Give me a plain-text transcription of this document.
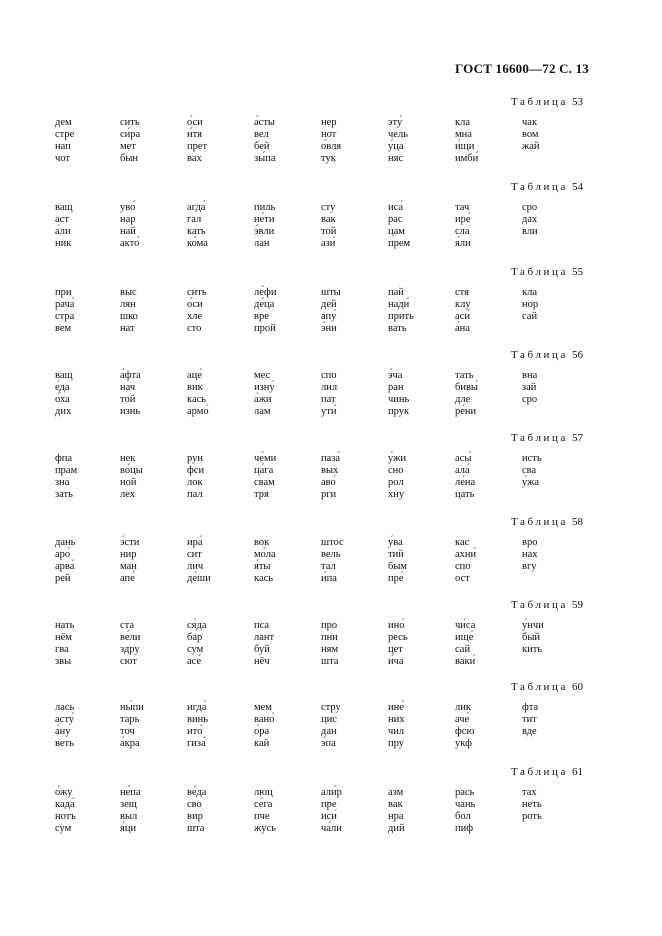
ГОСТ 16600—72 С. 13
Таблица 53
дем
стре
нап
чот
сить
си́ра
мет
бын
о́си
и́тя
прет
вах
а́сты
вел
бей
зы́па
нер
нот
о́вля
тук
эту́
чель
у́ца
няс
кла
мна
и́щи
имби́
чак
вом
жай
Таблица 54
ващ
аст
а́ли
ник
уво́
нар
най
акто́
агда́
гал
кать
ко́ма
пиль
не́ти
э́вли
лан
сту
вак
той
ази́
иса́
рас
цам
прем
тач
ире́
сла
я́ли
сро
дах
вли
Таблица 55
при
рача́
стра
вем
выс
лян
шко
нат
сить
о́си
хле
сто
ле́фи
де́ца
вре
прой
шты
дей
апу́
э́ни
пай
нади́
прить
вать
стя
клу
аси́
а́на
кла
нор
сай
Таблица 56
ващ
е́да
о́ха
дих
а́фта
нач
той
изнь
аце́
вик
кась
армо́
мес
изну́
а́жи
лам
спо
лил
пат
ути́
э́ча
ран
чинь
прук
тать
бивы́
дле
ре́ни
вна
зай
сро
Таблица 57
фпа
прам
зна
зать
нек
во́цы
ной
лех
рун
фси
лок
пал
че́ми
ца́га
свам
тря
паза́
вых
аво́
рги
у́жи
сно
рол
хну
асы́
ала́
ле́на
цать
исть
сва
у́жа
Таблица 58
дань
аро́
арва́
рей
э́сти
нир
ман
апе́
ира́
сит
лич
де́ши
вок
мо́ла
я́ты
кась
штос
вель
тал
и́па
у́ва
тий
бым
пре́
кас
ахни́
спо
ост
вро
нах
вгу
Таблица 59
нать
нём
гва
звы
ста
ве́ли
здру
сют
ся́да
бар
сум
асе́
пса
лант
буй
нёч
про
пни
ням
шта
ино́
ресь
цет
и́ча
чи́са
ище́
сай
ваки́
у́нчи
бый
кить
Таблица 60
лась
асту́
а́ну
веть
ны́пи
тарь
точ
а́кра
игда́
винь
ито́
гиза́
мем
вано́
о́ра
кай
стру
цис
дан
э́па
ине́
них
чил
пру
лик
аче́
фсю
укф
фта
тит
вде
Таблица 61
о́жу
када́
нотъ
сум
не́па
зещ
выл
я́ци
ве́да
сво
вир
шта
люц
се́га
пче
жусь
али́р
пре
иси́
ча́ли
азм
вак
нра
дий
рась
чань
бол
пиф
тах
неть
роть
